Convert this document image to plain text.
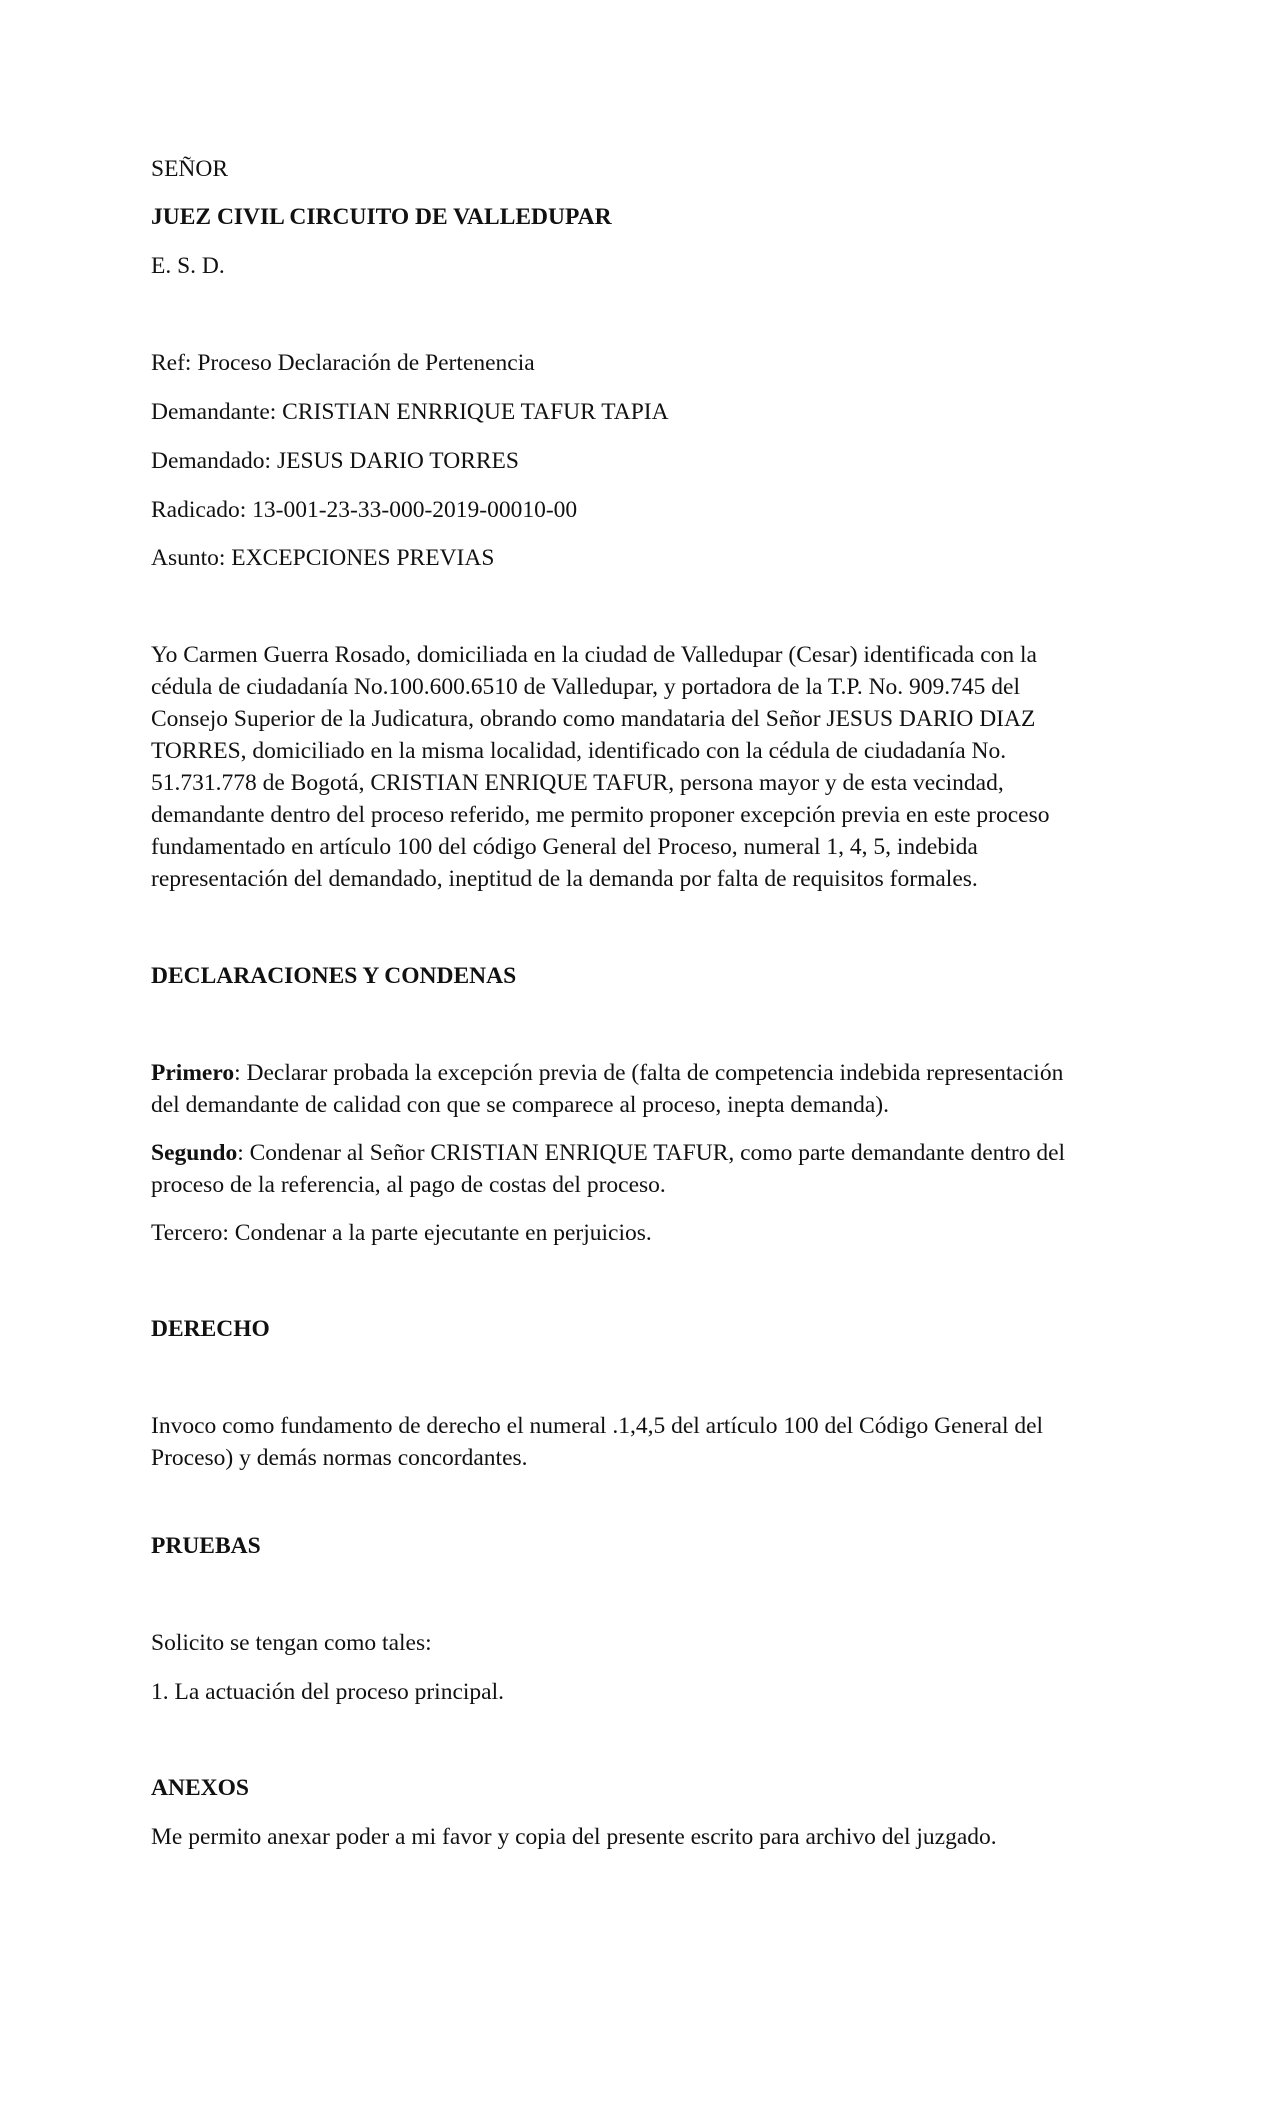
SEÑOR
JUEZ CIVIL CIRCUITO DE VALLEDUPAR
E. S. D.
Ref: Proceso Declaración de Pertenencia
Demandante: CRISTIAN ENRRIQUE TAFUR TAPIA
Demandado: JESUS DARIO TORRES
Radicado: 13-001-23-33-000-2019-00010-00
Asunto: EXCEPCIONES PREVIAS
Yo Carmen Guerra Rosado, domiciliada en la ciudad de Valledupar (Cesar) identificada con la
cédula de ciudadanía No.100.600.6510 de Valledupar, y portadora de la T.P. No. 909.745 del
Consejo Superior de la Judicatura, obrando como mandataria del Señor JESUS DARIO DIAZ
TORRES, domiciliado en la misma localidad, identificado con la cédula de ciudadanía No.
51.731.778 de Bogotá, CRISTIAN ENRIQUE TAFUR, persona mayor y de esta vecindad,
demandante dentro del proceso referido, me permito proponer excepción previa en este proceso
fundamentado en artículo 100 del código General del Proceso, numeral 1, 4, 5, indebida
representación del demandado, ineptitud de la demanda por falta de requisitos formales.
DECLARACIONES Y CONDENAS
Primero: Declarar probada la excepción previa de (falta de competencia indebida representación
del demandante de calidad con que se comparece al proceso, inepta demanda).
Segundo: Condenar al Señor CRISTIAN ENRIQUE TAFUR, como parte demandante dentro del
proceso de la referencia, al pago de costas del proceso.
Tercero: Condenar a la parte ejecutante en perjuicios.
DERECHO
Invoco como fundamento de derecho el numeral .1,4,5 del artículo 100 del Código General del
Proceso) y demás normas concordantes.
PRUEBAS
Solicito se tengan como tales:
1. La actuación del proceso principal.
ANEXOS
Me permito anexar poder a mi favor y copia del presente escrito para archivo del juzgado.
